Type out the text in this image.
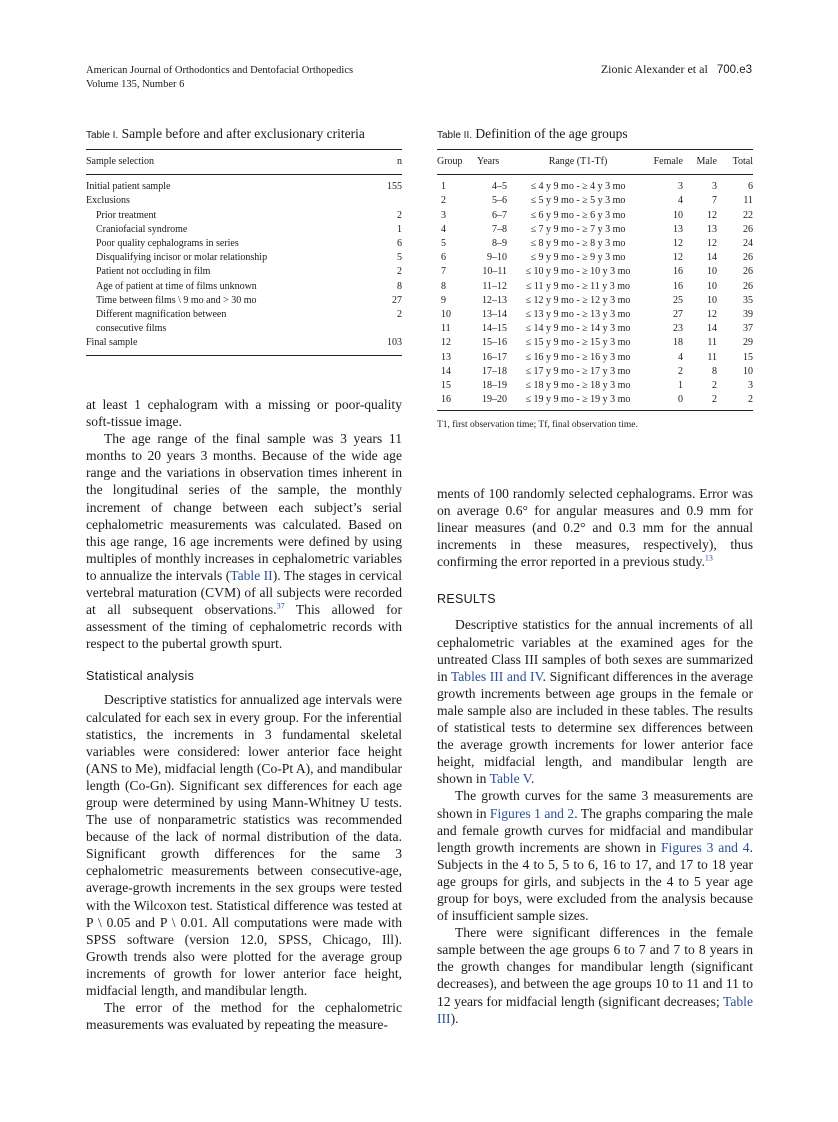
American Journal of Orthodontics and Dentofacial Orthopedics
Volume 135, Number 6
Zionic Alexander et al 700.e3
Table I. Sample before and after exclusionary criteria
Sample selection	n
Initial patient sample	155
Exclusions	
Prior treatment	2
Craniofacial syndrome	1
Poor quality cephalograms in series	6
Disqualifying incisor or molar relationship	5
Patient not occluding in film	2
Age of patient at time of films unknown	8
Time between films \ 9 mo and > 30 mo	27
Different magnification between	2
consecutive films	
Final sample	103

Table II. Definition of the age groups
Group	Years	Range (T1-Tf)	Female	Male	Total
1	4–5	≤ 4 y 9 mo - ≥ 4 y 3 mo	3	3	6
2	5–6	≤ 5 y 9 mo - ≥ 5 y 3 mo	4	7	11
3	6–7	≤ 6 y 9 mo - ≥ 6 y 3 mo	10	12	22
4	7–8	≤ 7 y 9 mo - ≥ 7 y 3 mo	13	13	26
5	8–9	≤ 8 y 9 mo - ≥ 8 y 3 mo	12	12	24
6	9–10	≤ 9 y 9 mo - ≥ 9 y 3 mo	12	14	26
7	10–11	≤ 10 y 9 mo - ≥ 10 y 3 mo	16	10	26
8	11–12	≤ 11 y 9 mo - ≥ 11 y 3 mo	16	10	26
9	12–13	≤ 12 y 9 mo - ≥ 12 y 3 mo	25	10	35
10	13–14	≤ 13 y 9 mo - ≥ 13 y 3 mo	27	12	39
11	14–15	≤ 14 y 9 mo - ≥ 14 y 3 mo	23	14	37
12	15–16	≤ 15 y 9 mo - ≥ 15 y 3 mo	18	11	29
13	16–17	≤ 16 y 9 mo - ≥ 16 y 3 mo	4	11	15
14	17–18	≤ 17 y 9 mo - ≥ 17 y 3 mo	2	8	10
15	18–19	≤ 18 y 9 mo - ≥ 18 y 3 mo	1	2	3
16	19–20	≤ 19 y 9 mo - ≥ 19 y 3 mo	0	2	2

T1, first observation time; Tf, final observation time.

at least 1 cephalogram with a missing or poor-quality soft-tissue image.

The age range of the final sample was 3 years 11 months to 20 years 3 months. Because of the wide age range and the variations in observation times inherent in the longitudinal series of the sample, the monthly increment of change between each subject’s serial cephalometric measurements was calculated. Based on this age range, 16 age increments were defined by using multiples of monthly increases in cephalometric variables to annualize the intervals (Table II). The stages in cervical vertebral maturation (CVM) of all subjects were recorded at all subsequent observations.$^{37}$ This allowed for assessment of the timing of cephalometric records with respect to the pubertal growth spurt.

Statistical analysis

Descriptive statistics for annualized age intervals were calculated for each sex in every group. For the inferential statistics, the increments in 3 fundamental skeletal variables were considered: lower anterior face height (ANS to Me), midfacial length (Co-Pt A), and mandibular length (Co-Gn). Significant sex differences for each age group were determined by using Mann-Whitney U tests. The use of nonparametric statistics was recommended because of the lack of normal distribution of the data. Significant growth differences for the same 3 cephalometric measurements between consecutive-age, average-growth increments in the sex groups were tested with the Wilcoxon test. Statistical difference was tested at P \ 0.05 and P \ 0.01. All computations were made with SPSS software (version 12.0, SPSS, Chicago, Ill). Growth trends also were plotted for the average group increments of growth for lower anterior face height, midfacial length, and mandibular length.

The error of the method for the cephalometric measurements was evaluated by repeating the measure-

ments of 100 randomly selected cephalograms. Error was on average 0.6° for angular measures and 0.9 mm for linear measures (and 0.2° and 0.3 mm for the annual increments in these measures, respectively), thus confirming the error reported in a previous study.$^{13}$

RESULTS

Descriptive statistics for the annual increments of all cephalometric variables at the examined ages for the untreated Class III samples of both sexes are summarized in Tables III and IV. Significant differences in the average growth increments between age groups in the female or male sample also are included in these tables. The results of statistical tests to determine sex differences between the average growth increments for lower anterior face height, midfacial length, and mandibular length are shown in Table V.

The growth curves for the same 3 measurements are shown in Figures 1 and 2. The graphs comparing the male and female growth curves for midfacial and mandibular length growth increments are shown in Figures 3 and 4. Subjects in the 4 to 5, 5 to 6, 16 to 17, and 17 to 18 year age groups for girls, and subjects in the 4 to 5 year age group for boys, were excluded from the analysis because of insufficient sample sizes.

There were significant differences in the female sample between the age groups 6 to 7 and 7 to 8 years in the growth changes for mandibular length (significant decreases), and between the age groups 10 to 11 and 11 to 12 years for midfacial length (significant decreases; Table III).
